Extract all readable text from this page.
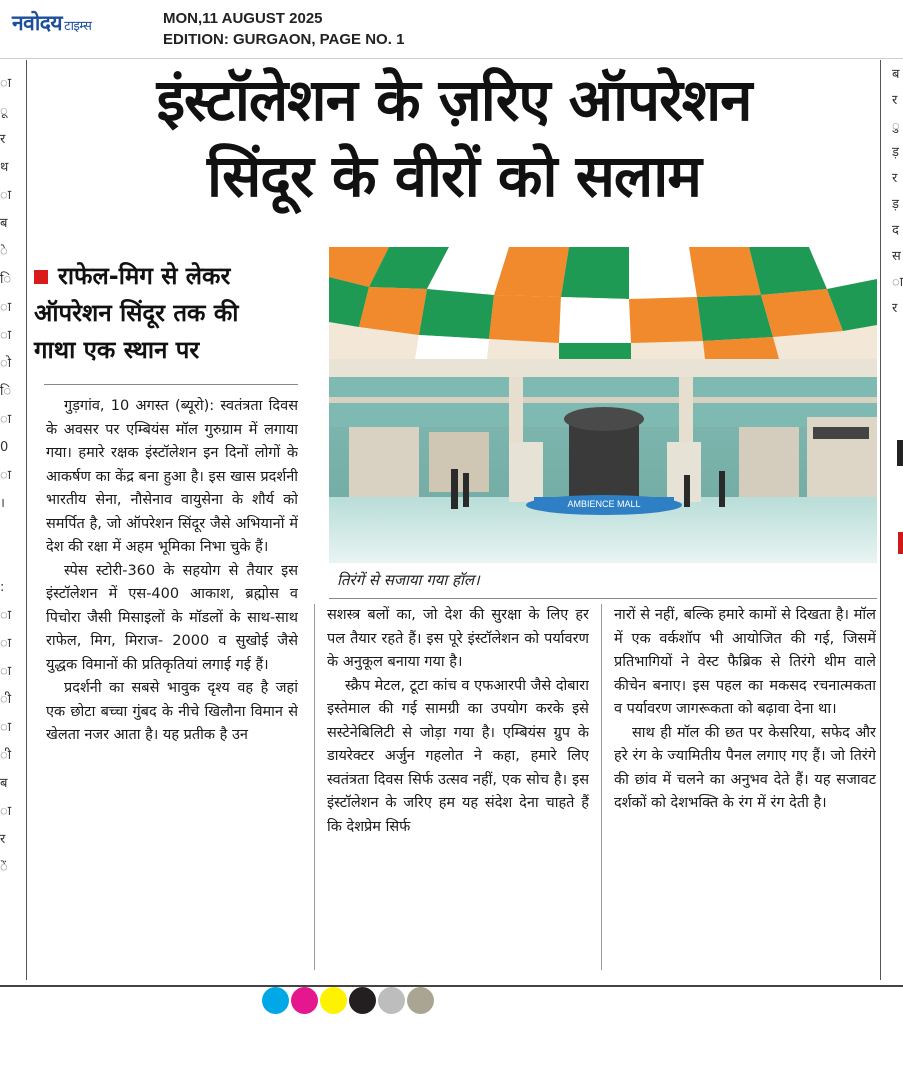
नवोदय टाइम्स	MON,11 AUGUST 2025
EDITION: GURGAON, PAGE NO. 1
ा
ू
र
थ
ा
ब
े
ि
ा
ा
ो
ि
ा
0
ा
।

:
ा
ा
ा
ी
ा
ी
ब
ा
र
ें
ब
र
ु
ड़
र
ड़
द
स
ा
र
इंस्टॉलेशन के ज़रिए ऑपरेशन
सिंदूर के वीरों को सलाम
राफेल-मिग से लेकर
ऑपरेशन सिंदूर तक की
गाथा एक स्थान पर

गुड़गांव, 10 अगस्त (ब्यूरो): स्वतंत्रता दिवस के अवसर पर एम्बियंस मॉल गुरुग्राम में लगाया गया। हमारे रक्षक इंस्टॉलेशन इन दिनों लोगों के आकर्षण का केंद्र बना हुआ है। इस खास प्रदर्शनी भारतीय सेना, नौसेनाव वायुसेना के शौर्य को समर्पित है, जो ऑपरेशन सिंदूर जैसे अभियानों में देश की रक्षा में अहम भूमिका निभा चुके हैं।

स्पेस स्टोरी-360 के सहयोग से तैयार इस इंस्टॉलेशन में एस-400 आकाश, ब्रह्मोस व पिचोरा जैसी मिसाइलों के मॉडलों के साथ-साथ राफेल, मिग, मिराज- 2000 व सुखोई जैसे युद्धक विमानों की प्रतिकृतियां लगाई गई हैं।

प्रदर्शनी का सबसे भावुक दृश्य वह है जहां एक छोटा बच्चा गुंबद के नीचे खिलौना विमान से खेलता नजर आता है। यह प्रतीक है उन

AMBIENCE MALL
तिरंगें से सजाया गया हॉल।

सशस्त्र बलों का, जो देश की सुरक्षा के लिए हर पल तैयार रहते हैं। इस पूरे इंस्टॉलेशन को पर्यावरण के अनुकूल बनाया गया है।

स्क्रैप मेटल, टूटा कांच व एफआरपी जैसे दोबारा इस्तेमाल की गई सामग्री का उपयोग करके इसे सस्टेनेबिलिटी से जोड़ा गया है। एम्बियंस ग्रुप के डायरेक्टर अर्जुन गहलोत ने कहा, हमारे लिए स्वतंत्रता दिवस सिर्फ उत्सव नहीं, एक सोच है। इस इंस्टॉलेशन के जरिए हम यह संदेश देना चाहते हैं कि देशप्रेम सिर्फ

नारों से नहीं, बल्कि हमारे कामों से दिखता है। मॉल में एक वर्कशॉप भी आयोजित की गई, जिसमें प्रतिभागियों ने वेस्ट फैब्रिक से तिरंगे थीम वाले कीचेन बनाए। इस पहल का मकसद रचनात्मकता व पर्यावरण जागरूकता को बढ़ावा देना था।

साथ ही मॉल की छत पर केसरिया, सफेद और हरे रंग के ज्यामितीय पैनल लगाए गए हैं। जो तिरंगे की छांव में चलने का अनुभव देते हैं। यह सजावट दर्शकों को देशभक्ति के रंग में रंग देती है।
